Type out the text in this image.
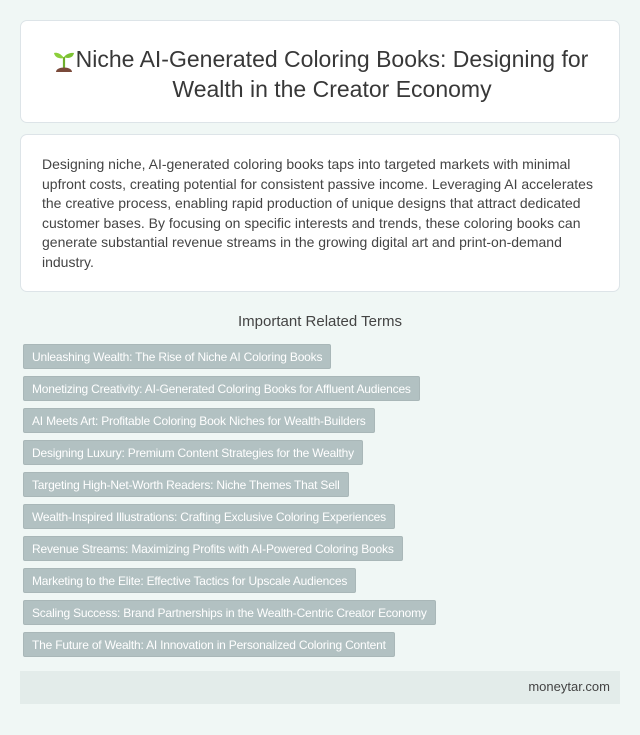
Niche AI-Generated Coloring Books: Designing for Wealth in the Creator Economy
Designing niche, AI-generated coloring books taps into targeted markets with minimal upfront costs, creating potential for consistent passive income. Leveraging AI accelerates the creative process, enabling rapid production of unique designs that attract dedicated customer bases. By focusing on specific interests and trends, these coloring books can generate substantial revenue streams in the growing digital art and print-on-demand industry.
Important Related Terms
Unleashing Wealth: The Rise of Niche AI Coloring Books
Monetizing Creativity: AI-Generated Coloring Books for Affluent Audiences
AI Meets Art: Profitable Coloring Book Niches for Wealth-Builders
Designing Luxury: Premium Content Strategies for the Wealthy
Targeting High-Net-Worth Readers: Niche Themes That Sell
Wealth-Inspired Illustrations: Crafting Exclusive Coloring Experiences
Revenue Streams: Maximizing Profits with AI-Powered Coloring Books
Marketing to the Elite: Effective Tactics for Upscale Audiences
Scaling Success: Brand Partnerships in the Wealth-Centric Creator Economy
The Future of Wealth: AI Innovation in Personalized Coloring Content
moneytar.com
